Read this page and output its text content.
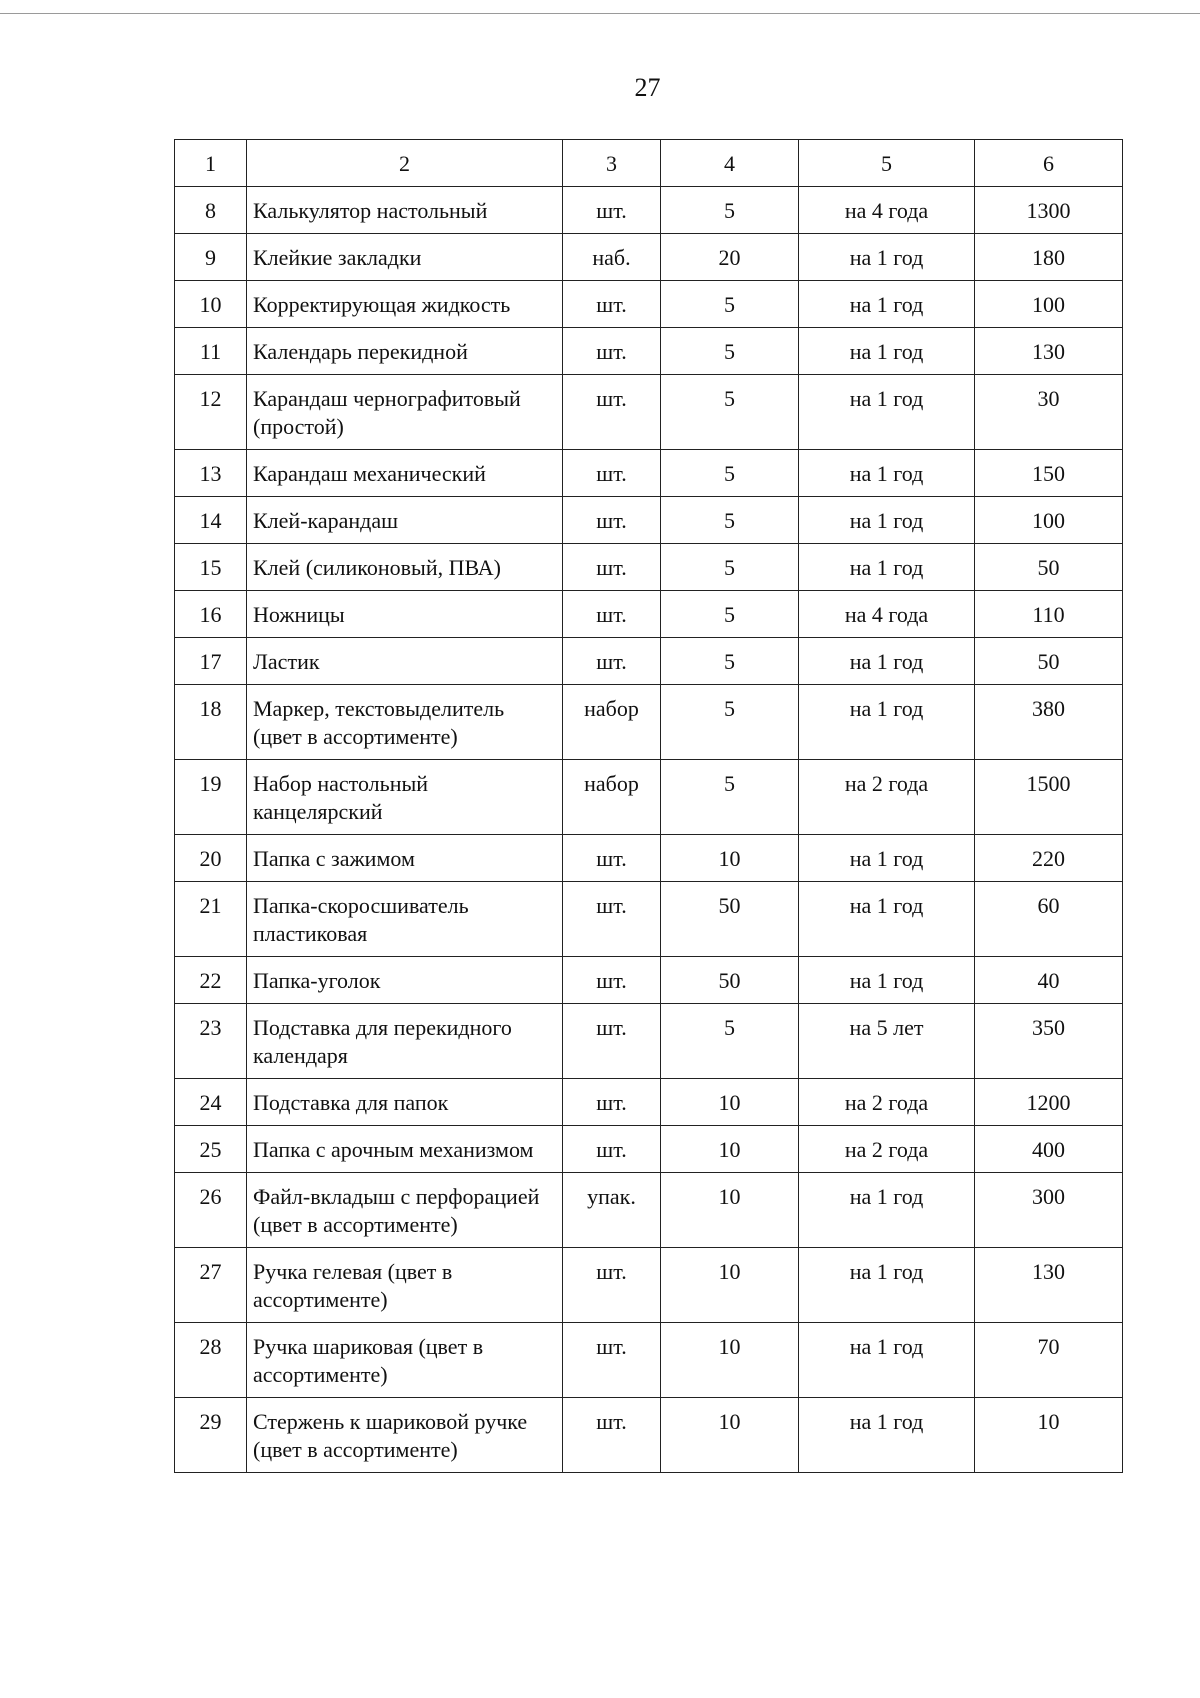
27
1	2	3	4	5	6
8	Калькулятор настольный	шт.	5	на 4 года	1300
9	Клейкие закладки	наб.	20	на 1 год	180
10	Корректирующая жидкость	шт.	5	на 1 год	100
11	Календарь перекидной	шт.	5	на 1 год	130
12	Карандаш чернографитовый (простой)	шт.	5	на 1 год	30
13	Карандаш механический	шт.	5	на 1 год	150
14	Клей-карандаш	шт.	5	на 1 год	100
15	Клей (силиконовый, ПВА)	шт.	5	на 1 год	50
16	Ножницы	шт.	5	на 4 года	110
17	Ластик	шт.	5	на 1 год	50
18	Маркер, текстовыделитель (цвет в ассортименте)	набор	5	на 1 год	380
19	Набор настольный канцелярский	набор	5	на 2 года	1500
20	Папка с зажимом	шт.	10	на 1 год	220
21	Папка-скоросшиватель пластиковая	шт.	50	на 1 год	60
22	Папка-уголок	шт.	50	на 1 год	40
23	Подставка для перекидного календаря	шт.	5	на 5 лет	350
24	Подставка для папок	шт.	10	на 2 года	1200
25	Папка с арочным механизмом	шт.	10	на 2 года	400
26	Файл-вкладыш с перфорацией (цвет в ассортименте)	упак.	10	на 1 год	300
27	Ручка гелевая (цвет в ассортименте)	шт.	10	на 1 год	130
28	Ручка шариковая (цвет в ассортименте)	шт.	10	на 1 год	70
29	Стержень к шариковой ручке (цвет в ассортименте)	шт.	10	на 1 год	10
